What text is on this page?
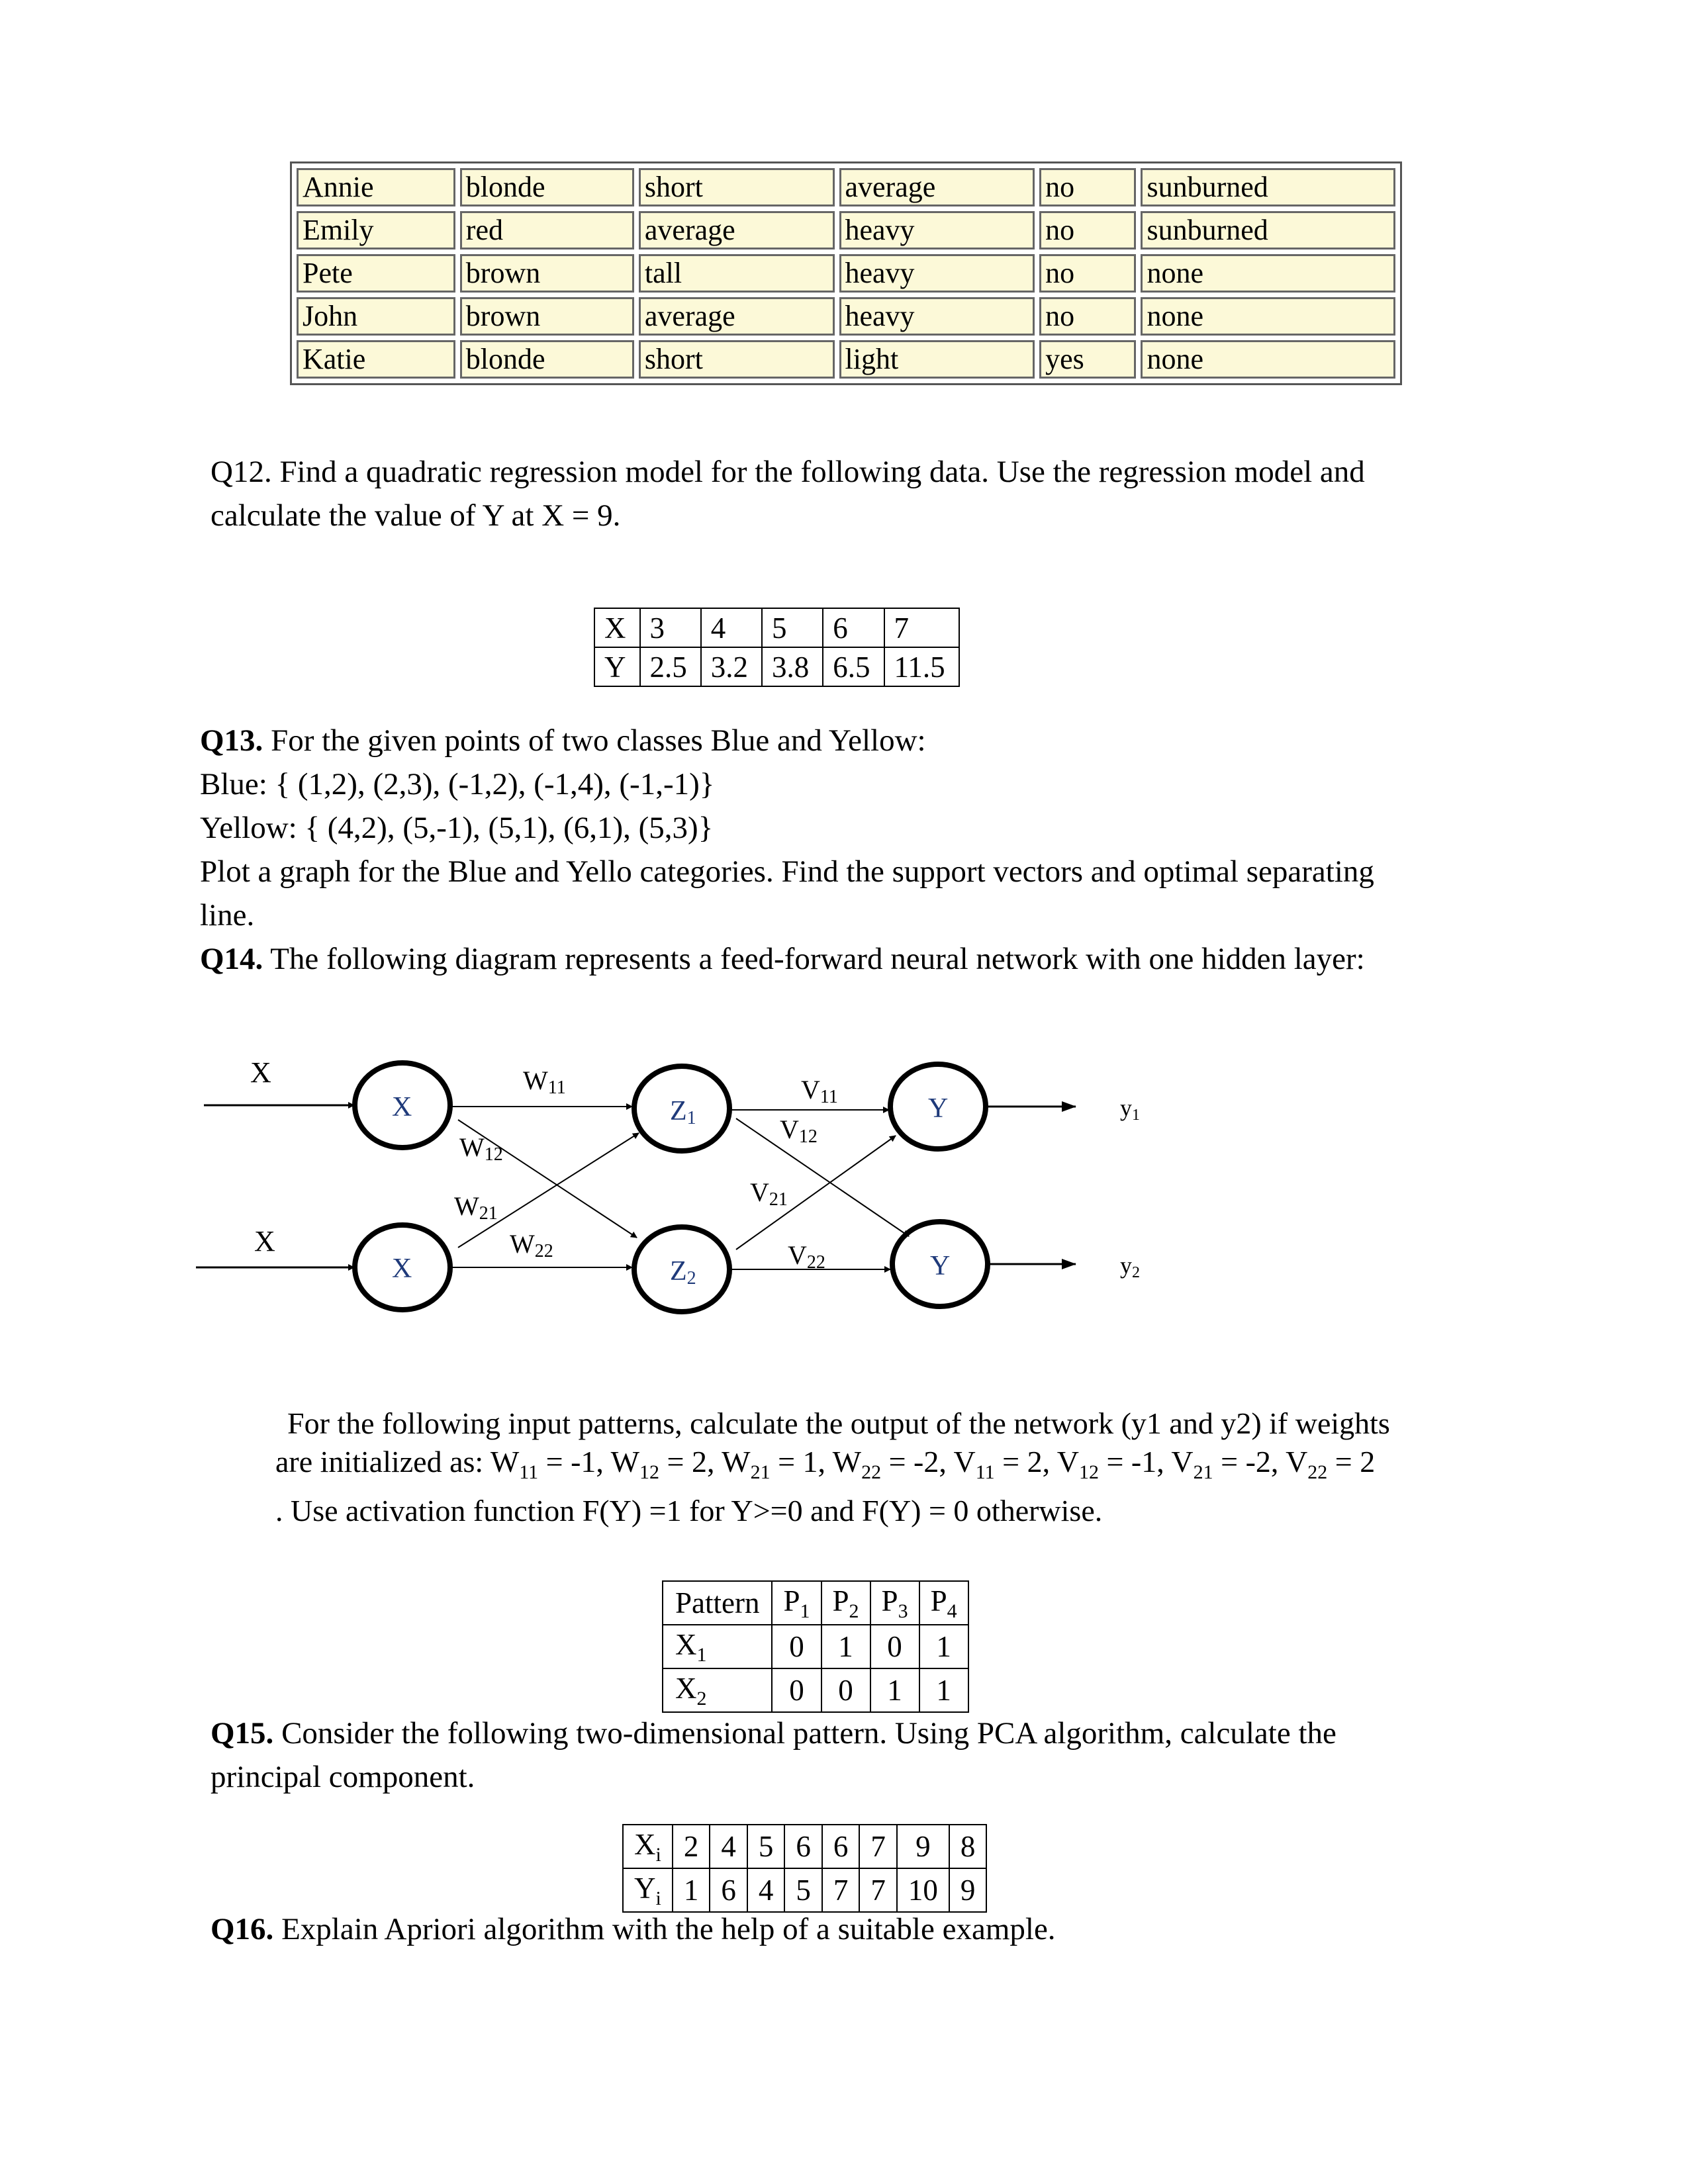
Annie	blonde	short	average	no	sunburned
Emily	red	average	heavy	no	sunburned
Pete	brown	tall	heavy	no	none
John	brown	average	heavy	no	none
Katie	blonde	short	light	yes	none
Q12. Find a quadratic regression model for the following data. Use the regression model and
calculate the value of Y at X = 9.
X	3	4	5	6	7
Y	2.5	3.2	3.8	6.5	11.5
Q13. For the given points of two classes Blue and Yellow:
Blue: { (1,2), (2,3), (-1,2), (-1,4), (-1,-1)}
Yellow: { (4,2), (5,-1), (5,1), (6,1), (5,3)}
Plot a graph for the Blue and Yello categories. Find the support vectors and optimal separating
line.
Q14. The following diagram represents a feed-forward neural network with one hidden layer:
X
X
X
X
Z1
Z2
Y
Y
y1
y2
W11
W12
W21
W22
V11
V12
V21
V22
For the following input patterns, calculate the output of the network (y1 and y2) if weights
are initialized as: $W_{11} = -1$, $W_{12} = 2$, $W_{21} = 1$, $W_{22} = -2$, $V_{11} = 2$, $V_{12} = -1$, $V_{21} = -2$, $V_{22} = 2$
. Use activation function F(Y) =1 for Y>=0 and F(Y) = 0 otherwise.
Pattern	$P_1$	$P_2$	$P_3$	$P_4$
$X_1$	0	1	0	1
$X_2$	0	0	1	1
Q15. Consider the following two-dimensional pattern. Using PCA algorithm, calculate the
principal component.
$X_i$	2	4	5	6	6	7	9	8
$Y_i$	1	6	4	5	7	7	10	9
Q16. Explain Apriori algorithm with the help of a suitable example.
